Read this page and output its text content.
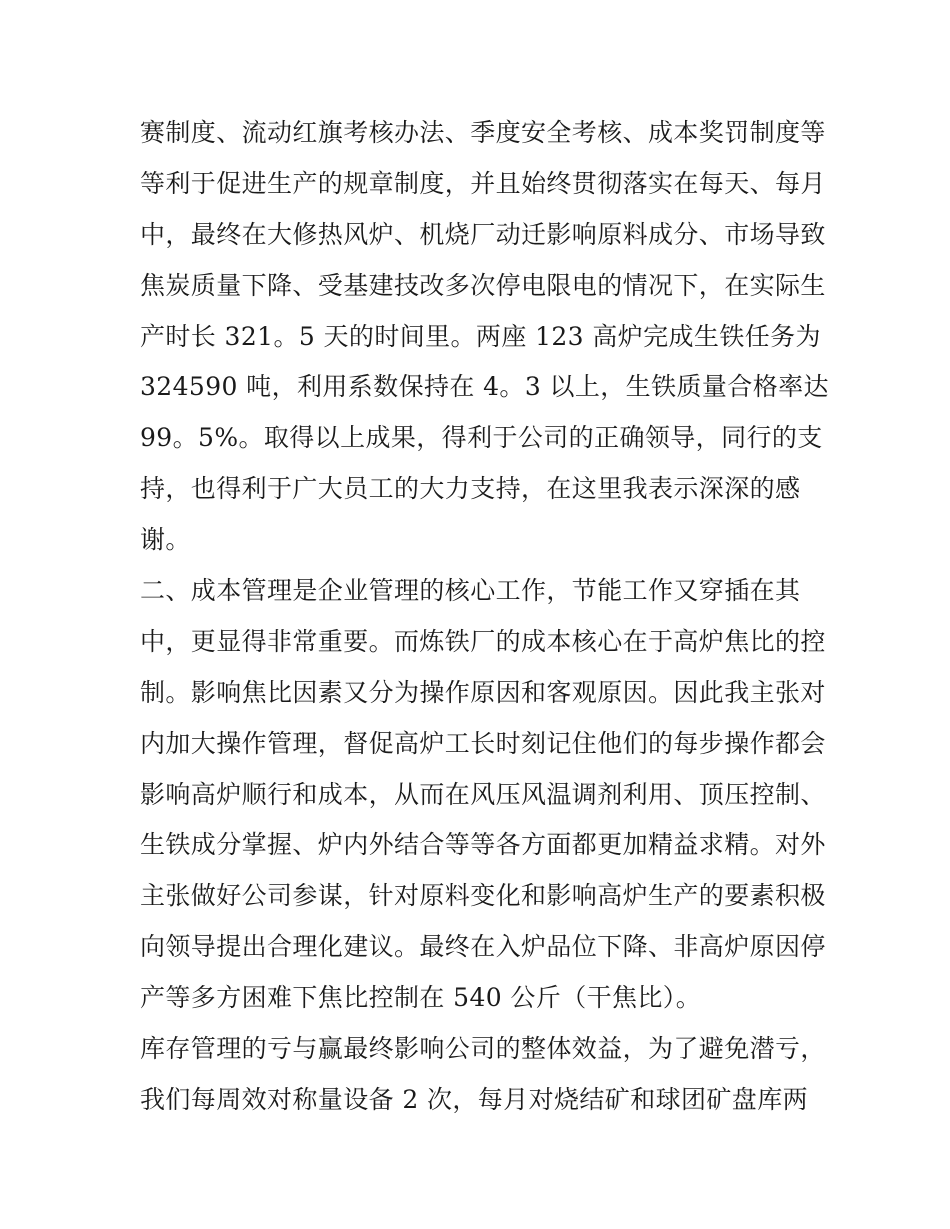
赛制度、流动红旗考核办法、季度安全考核、成本奖罚制度等
等利于促进生产的规章制度，并且始终贯彻落实在每天、每月
中，最终在大修热风炉、机烧厂动迁影响原料成分、市场导致
焦炭质量下降、受基建技改多次停电限电的情况下，在实际生
产时长 321。5 天的时间里。两座 123 高炉完成生铁任务为
324590 吨，利用系数保持在 4。3 以上，生铁质量合格率达
99。5%。取得以上成果，得利于公司的正确领导，同行的支
持，也得利于广大员工的大力支持，在这里我表示深深的感
谢。
二、成本管理是企业管理的核心工作，节能工作又穿插在其
中，更显得非常重要。而炼铁厂的成本核心在于高炉焦比的控
制。影响焦比因素又分为操作原因和客观原因。因此我主张对
内加大操作管理，督促高炉工长时刻记住他们的每步操作都会
影响高炉顺行和成本，从而在风压风温调剂利用、顶压控制、
生铁成分掌握、炉内外结合等等各方面都更加精益求精。对外
主张做好公司参谋，针对原料变化和影响高炉生产的要素积极
向领导提出合理化建议。最终在入炉品位下降、非高炉原因停
产等多方困难下焦比控制在 540 公斤（干焦比）。
库存管理的亏与赢最终影响公司的整体效益，为了避免潜亏，
我们每周效对称量设备 2 次，每月对烧结矿和球团矿盘库两
